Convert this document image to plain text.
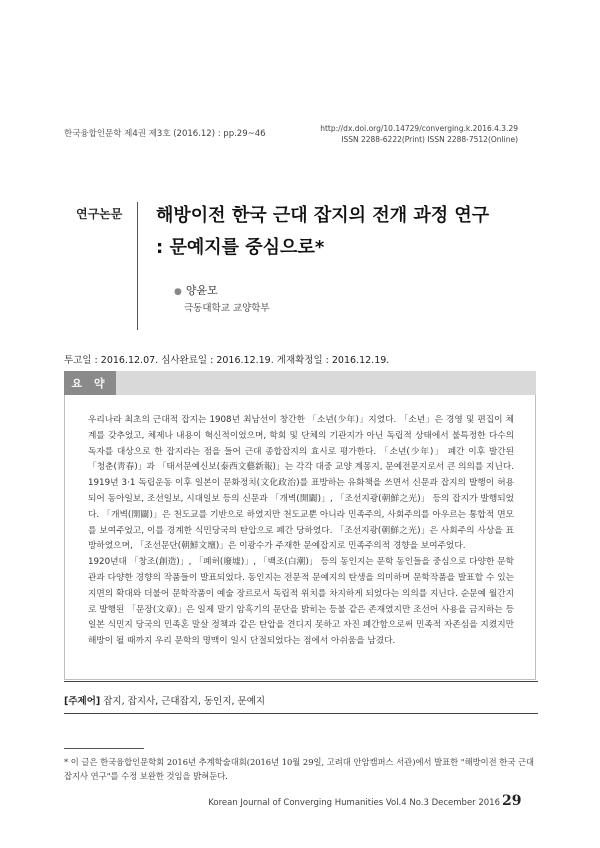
한국융합인문학 제4권 제3호 (2016.12) : pp.29~46
http://dx.doi.org/10.14729/converging.k.2016.4.3.29
ISSN 2288-6222(Print) ISSN 2288-7512(Online)
연구논문 해방이전 한국 근대 잡지의 전개 과정 연구
: 문예지를 중심으로*
● 양윤모
극동대학교 교양학부
투고일 : 2016.12.07. 심사완료일 : 2016.12.19. 게재확정일 : 2016.12.19.
요 약

우리나라 최초의 근대적 잡지는 1908년 최남선이 창간한 「소년(少年)」지였다. 「소년」은 경영 및 편집이 체계를 갖추었고, 체제나 내용이 혁신적이었으며, 학회 및 단체의 기관지가 아닌 독립적 상태에서 불특정한 다수의 독자를 대상으로 한 잡지라는 점을 들어 근대 종합잡지의 효시로 평가한다. 「소년(少年)」 폐간 이후 발간된 「청춘(靑春)」과 「태서문예신보(泰西文藝新報)」는 각각 대중 교양 계몽지, 문예전문지로서 큰 의의를 지닌다. 1919년 3·1 독립운동 이후 일본이 문화정치(文化政治)를 표방하는 유화책을 쓰면서 신문과 잡지의 발행이 허용되어 동아일보, 조선일보, 시대일보 등의 신문과 「개벽(開闢)」, 「조선지광(朝鮮之光)」 등의 잡지가 발행되었다. 「개벽(開闢)」은 천도교를 기반으로 하였지만 천도교뿐 아니라 민족주의, 사회주의를 아우르는 통합적 면모를 보여주었고, 이를 경계한 식민당국의 탄압으로 폐간 당하였다. 「조선지광(朝鮮之光)」은 사회주의 사상을 표방하였으며, 「조선문단(朝鮮文壇)」은 이광수가 주재한 문예잡지로 민족주의적 경향을 보여주었다.

1920년대 「창조(創造)」, 「폐허(廢墟)」, 「백조(白潮)」 등의 동인지는 문학 동인들을 중심으로 다양한 문학관과 다양한 경향의 작품들이 발표되었다. 동인지는 전문적 문예지의 탄생을 의미하며 문학작품을 발표할 수 있는 지면의 확대와 더불어 문학작품이 예술 장르로서 독립적 위치를 차지하게 되었다는 의의를 지닌다. 순문예 월간지로 발행된 「문장(文章)」은 일제 말기 암흑기의 문단을 밝히는 등불 같은 존재였지만 조선어 사용을 금지하는 등 일본 식민지 당국의 민족혼 말살 정책과 같은 탄압을 견디지 못하고 자진 폐간함으로써 민족적 자존심을 지켰지만 해방이 될 때까지 우리 문학의 명맥이 일시 단절되었다는 점에서 아쉬움을 남겼다.

[주제어] 잡지, 잡지사, 근대잡지, 동인지, 문예지
* 이 글은 한국융합인문학회 2016년 추계학술대회(2016년 10월 29일, 고려대 안암캠퍼스 서관)에서 발표한 "해방이전 한국 근대 잡지사 연구"를 수정 보완한 것임을 밝혀둔다.
Korean Journal of Converging Humanities Vol.4 No.3 December 2016 29
